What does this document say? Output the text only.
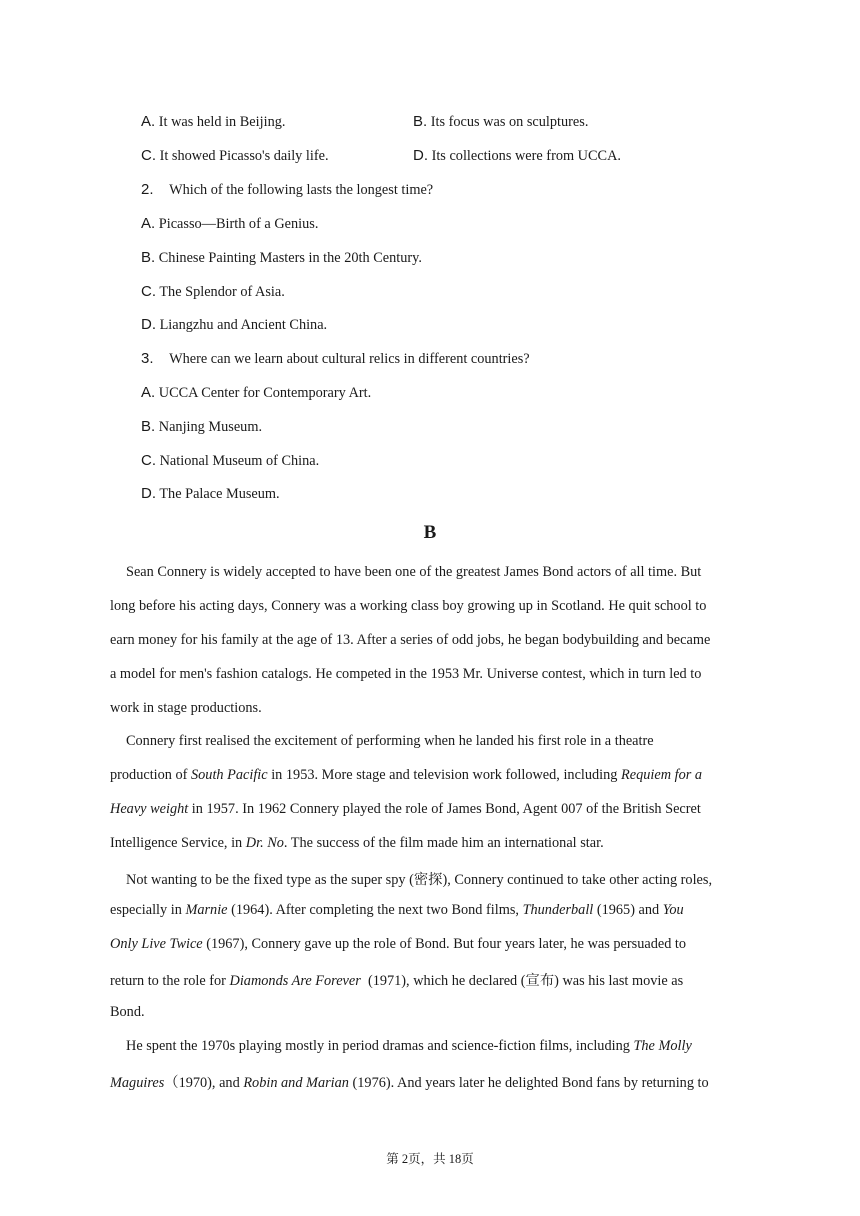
A. It was held in Beijing.	B. Its focus was on sculptures.
C. It showed Picasso's daily life.	D. Its collections were from UCCA.
2. Which of the following lasts the longest time?
A. Picasso—Birth of a Genius.
B. Chinese Painting Masters in the 20th Century.
C. The Splendor of Asia.
D. Liangzhu and Ancient China.
3. Where can we learn about cultural relics in different countries?
A. UCCA Center for Contemporary Art.
B. Nanjing Museum.
C. National Museum of China.
D. The Palace Museum.
B
Sean Connery is widely accepted to have been one of the greatest James Bond actors of all time. But
long before his acting days, Connery was a working class boy growing up in Scotland. He quit school to
earn money for his family at the age of 13. After a series of odd jobs, he began bodybuilding and became
a model for men's fashion catalogs. He competed in the 1953 Mr. Universe contest, which in turn led to
work in stage productions.
Connery first realised the excitement of performing when he landed his first role in a theatre
production of South Pacific in 1953. More stage and television work followed, including Requiem for a
Heavy weight in 1957. In 1962 Connery played the role of James Bond, Agent 007 of the British Secret
Intelligence Service, in Dr. No. The success of the film made him an international star.
Not wanting to be the fixed type as the super spy (密探), Connery continued to take other acting roles,
especially in Marnie (1964). After completing the next two Bond films, Thunderball (1965) and You
Only Live Twice (1967), Connery gave up the role of Bond. But four years later, he was persuaded to
return to the role for Diamonds Are Forever  (1971), which he declared (宣布) was his last movie as
Bond.
He spent the 1970s playing mostly in period dramas and science-fiction films, including The Molly
Maguires（1970), and Robin and Marian (1976). And years later he delighted Bond fans by returning to
第 2页，共 18页
